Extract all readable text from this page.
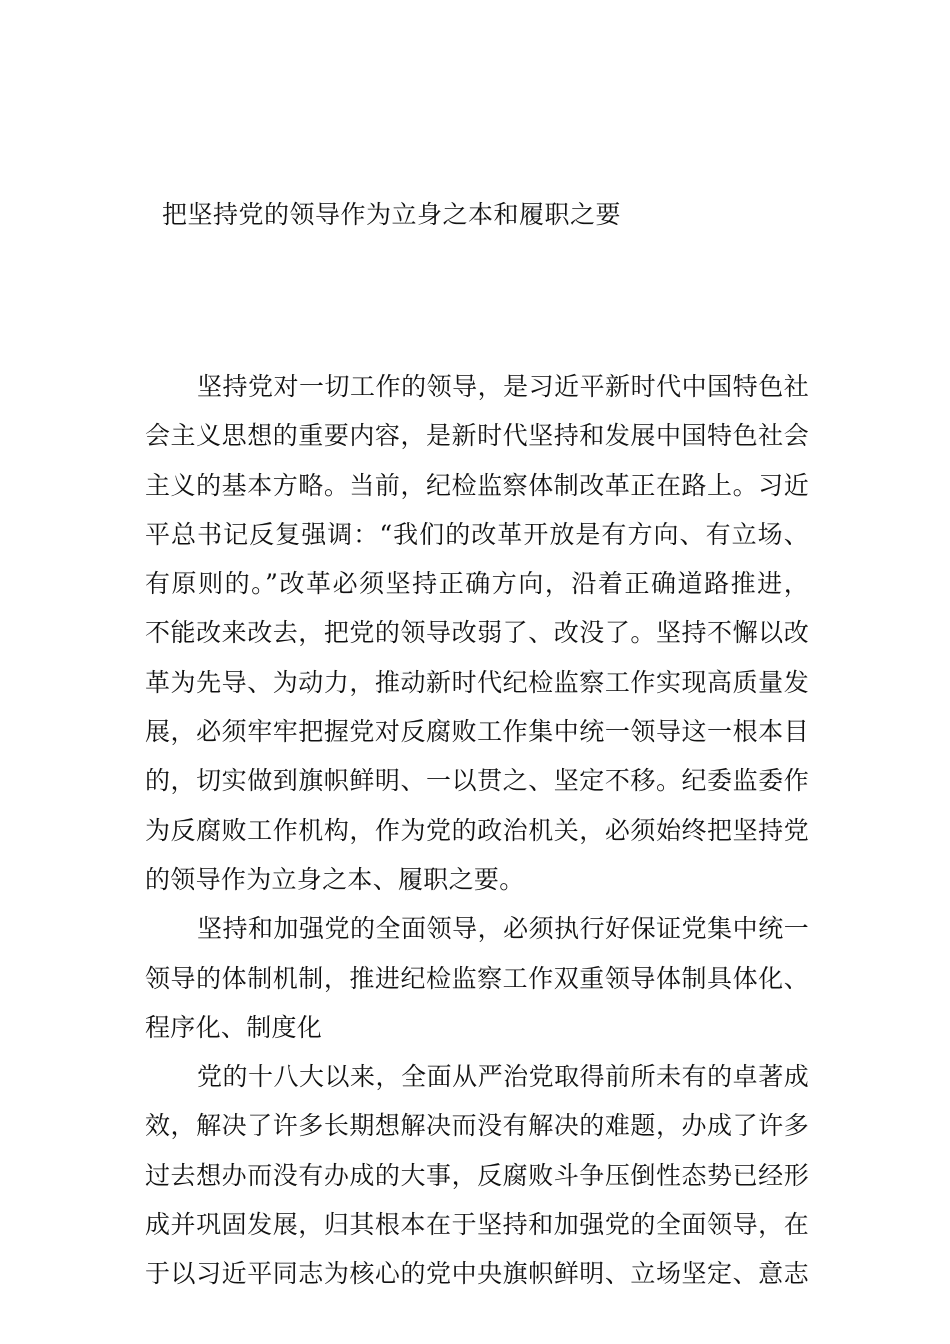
把坚持党的领导作为立身之本和履职之要
坚持党对一切工作的领导，是习近平新时代中国特色社
会主义思想的重要内容，是新时代坚持和发展中国特色社会
主义的基本方略。当前，纪检监察体制改革正在路上。习近
平总书记反复强调：“我们的改革开放是有方向、有立场、
有原则的。”改革必须坚持正确方向，沿着正确道路推进，
不能改来改去，把党的领导改弱了、改没了。坚持不懈以改
革为先导、为动力，推动新时代纪检监察工作实现高质量发
展，必须牢牢把握党对反腐败工作集中统一领导这一根本目
的，切实做到旗帜鲜明、一以贯之、坚定不移。纪委监委作
为反腐败工作机构，作为党的政治机关，必须始终把坚持党
的领导作为立身之本、履职之要。
坚持和加强党的全面领导，必须执行好保证党集中统一
领导的体制机制，推进纪检监察工作双重领导体制具体化、
程序化、制度化
党的十八大以来，全面从严治党取得前所未有的卓著成
效，解决了许多长期想解决而没有解决的难题，办成了许多
过去想办而没有办成的大事，反腐败斗争压倒性态势已经形
成并巩固发展，归其根本在于坚持和加强党的全面领导，在
于以习近平同志为核心的党中央旗帜鲜明、立场坚定、意志
